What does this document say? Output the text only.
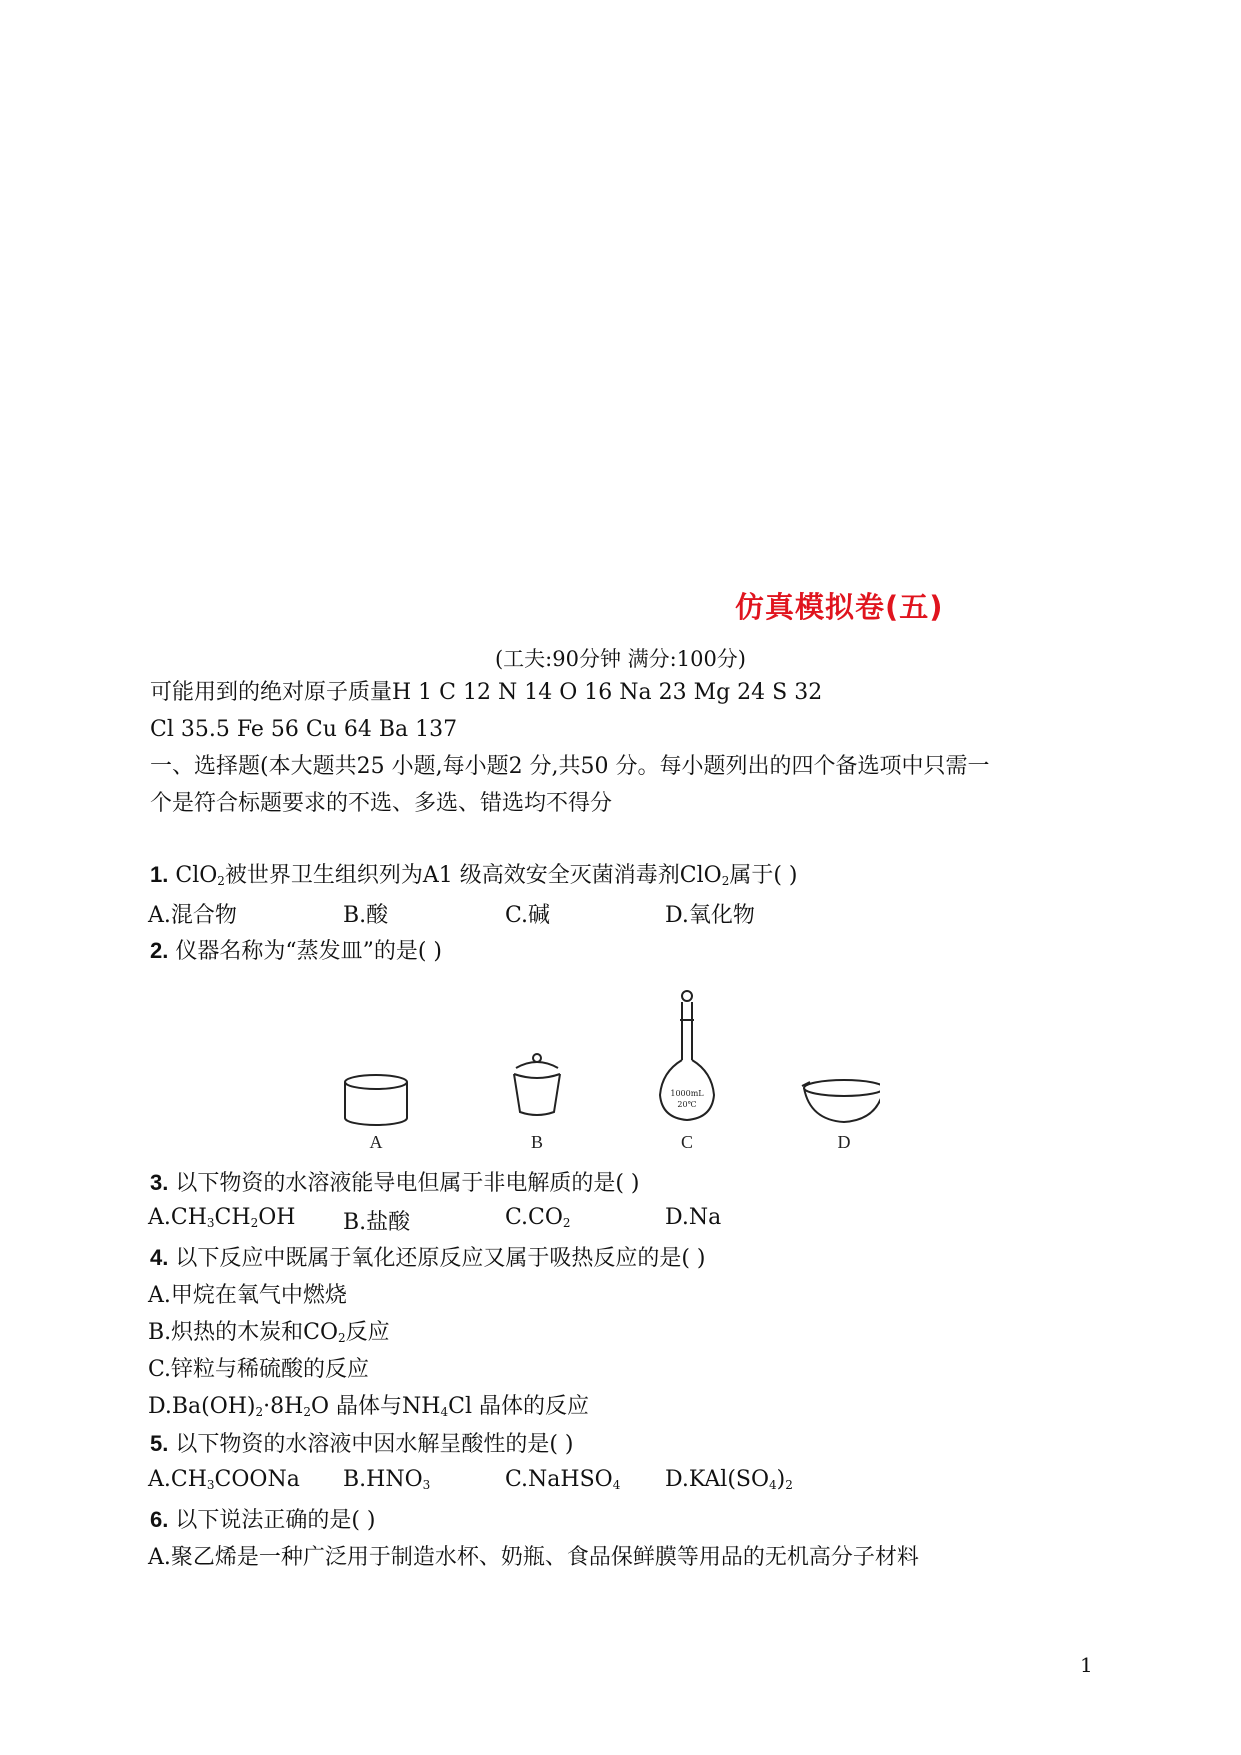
仿真模拟卷(五)
(工夫:90分钟 满分:100分)
可能用到的绝对原子质量H 1 C 12 N 14 O 16 Na 23 Mg 24 S 32
Cl 35.5 Fe 56 Cu 64 Ba 137
一、选择题(本大题共25 小题,每小题2 分,共50 分。每小题列出的四个备选项中只需一
个是符合标题要求的不选、多选、错选均不得分
1. ClO$_2$被世界卫生组织列为A1 级高效安全灭菌消毒剂ClO$_2$属于( )
A.混合物	B.酸	C.碱	D.氧化物
2. 仪器名称为“蒸发皿”的是( )
1000mL
20℃
A	B	C	D
3. 以下物资的水溶液能导电但属于非电解质的是( )
$A.CH_3CH_2OH$ B.盐酸	$C.CO_2$	D.Na
4. 以下反应中既属于氧化还原反应又属于吸热反应的是( )
A.甲烷在氧气中燃烧
B.炽热的木炭和$CO_2$反应
C.锌粒与稀硫酸的反应
$D.Ba(OH)_2\cdot 8H_2O$ 晶体与$NH_4Cl$ 晶体的反应
5. 以下物资的水溶液中因水解呈酸性的是( )
$A.CH_3COONa$ $B.HNO_3$	C.NaHSO$_4$ $D.KAl(SO_4)_2$
6. 以下说法正确的是( )
A.聚乙烯是一种广泛用于制造水杯、奶瓶、食品保鲜膜等用品的无机高分子材料
1
